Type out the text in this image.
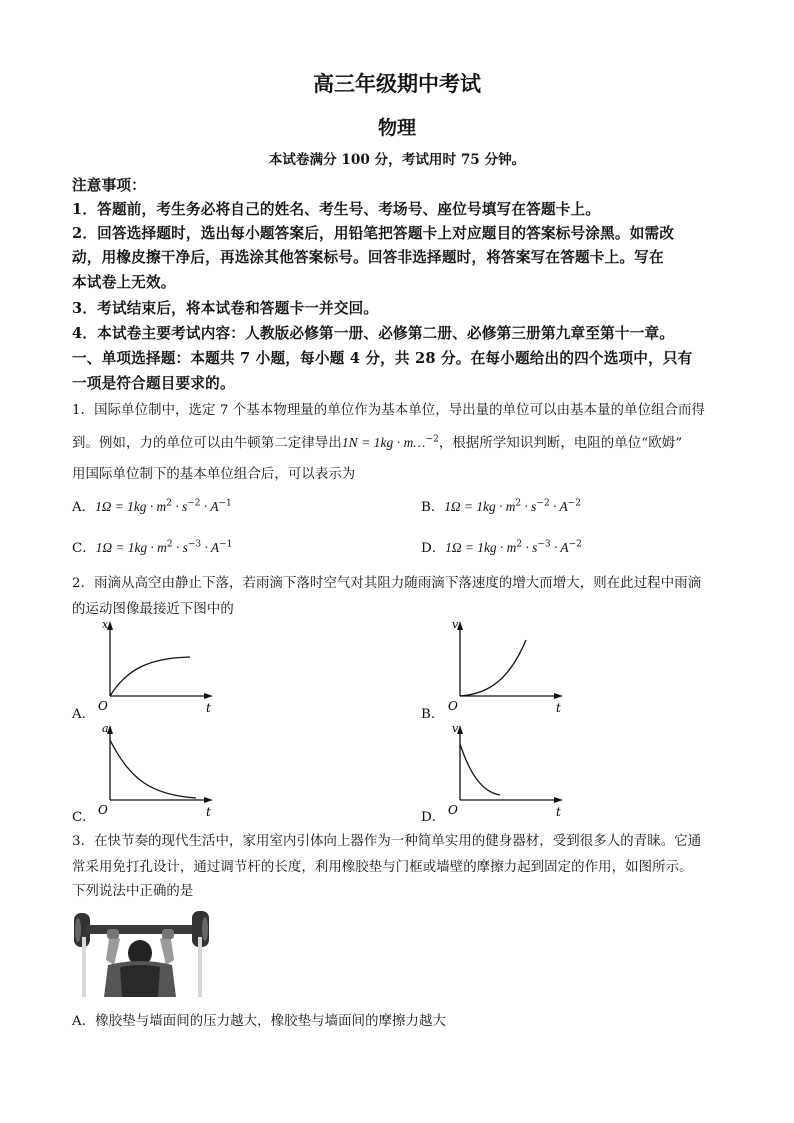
高三年级期中考试
物理
本试卷满分 100 分，考试用时 75 分钟。
注意事项：
1．答题前，考生务必将自己的姓名、考生号、考场号、座位号填写在答题卡上。
2．回答选择题时，选出每小题答案后，用铅笔把答题卡上对应题目的答案标号涂黑。如需改
动，用橡皮擦干净后，再选涂其他答案标号。回答非选择题时，将答案写在答题卡上。写在
本试卷上无效。
3．考试结束后，将本试卷和答题卡一并交回。
4．本试卷主要考试内容：人教版必修第一册、必修第二册、必修第三册第九章至第十一章。
一、单项选择题：本题共 7 小题，每小题 4 分，共 28 分。在每小题给出的四个选项中，只有
一项是符合题目要求的。
1．国际单位制中，选定 7 个基本物理量的单位作为基本单位，导出量的单位可以由基本量的单位组合而得
到。例如，力的单位可以由牛顿第二定律导出1N = 1kg · m…$^{-2}$，根据所学知识判断，电阻的单位“欧姆”
用国际单位制下的基本单位组合后，可以表示为
A．$1\Omega = 1kg \cdot m^2 \cdot s^{-2} \cdot A^{-1}$	B．$1\Omega = 1kg \cdot m^2 \cdot s^{-2} \cdot A^{-2}$
C．$1\Omega = 1kg \cdot m^2 \cdot s^{-3} \cdot A^{-1}$	D．$1\Omega = 1kg \cdot m^2 \cdot s^{-3} \cdot A^{-2}$
2．雨滴从高空由静止下落，若雨滴下落时空气对其阻力随雨滴下落速度的增大而增大，则在此过程中雨滴
的运动图像最接近下图中的
A．
x
O	t	B．
v
O	t
C．
a
O	t	D．
v
O	t
3．在快节奏的现代生活中，家用室内引体向上器作为一种简单实用的健身器材，受到很多人的青睐。它通
常采用免打孔设计，通过调节杆的长度，利用橡胶垫与门框或墙壁的摩擦力起到固定的作用，如图所示。
下列说法中正确的是
A．橡胶垫与墙面间的压力越大，橡胶垫与墙面间的摩擦力越大
